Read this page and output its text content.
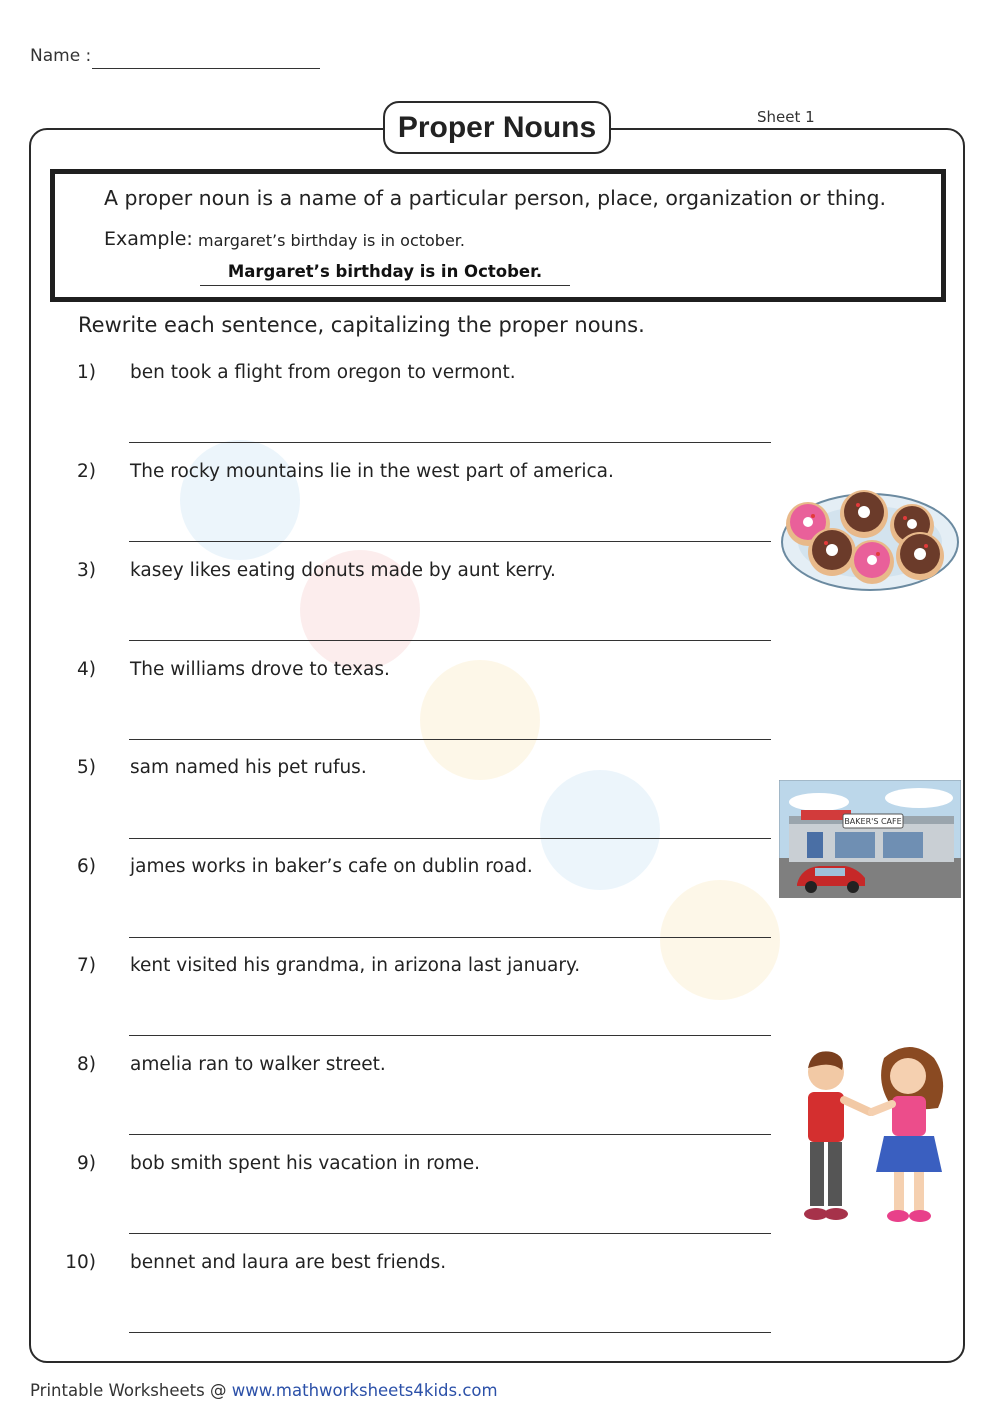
Name :
Sheet 1
Proper Nouns
A proper noun is a name of a particular person, place, organization or thing.
Example: margaret’s birthday is in october.
Margaret’s birthday is in October.
Rewrite each sentence, capitalizing the proper nouns.
1) ben took a flight from oregon to vermont.
2) The rocky mountains lie in the west part of america.
3) kasey likes eating donuts made by aunt kerry.
4) The williams drove to texas.
5) sam named his pet rufus.
6) james works in baker’s cafe on dublin road.
7) kent visited his grandma, in arizona last january.
8) amelia ran to walker street.
9) bob smith spent his vacation in rome.
10) bennet and laura are best friends.
BAKER'S CAFE
Printable Worksheets @ www.mathworksheets4kids.com
